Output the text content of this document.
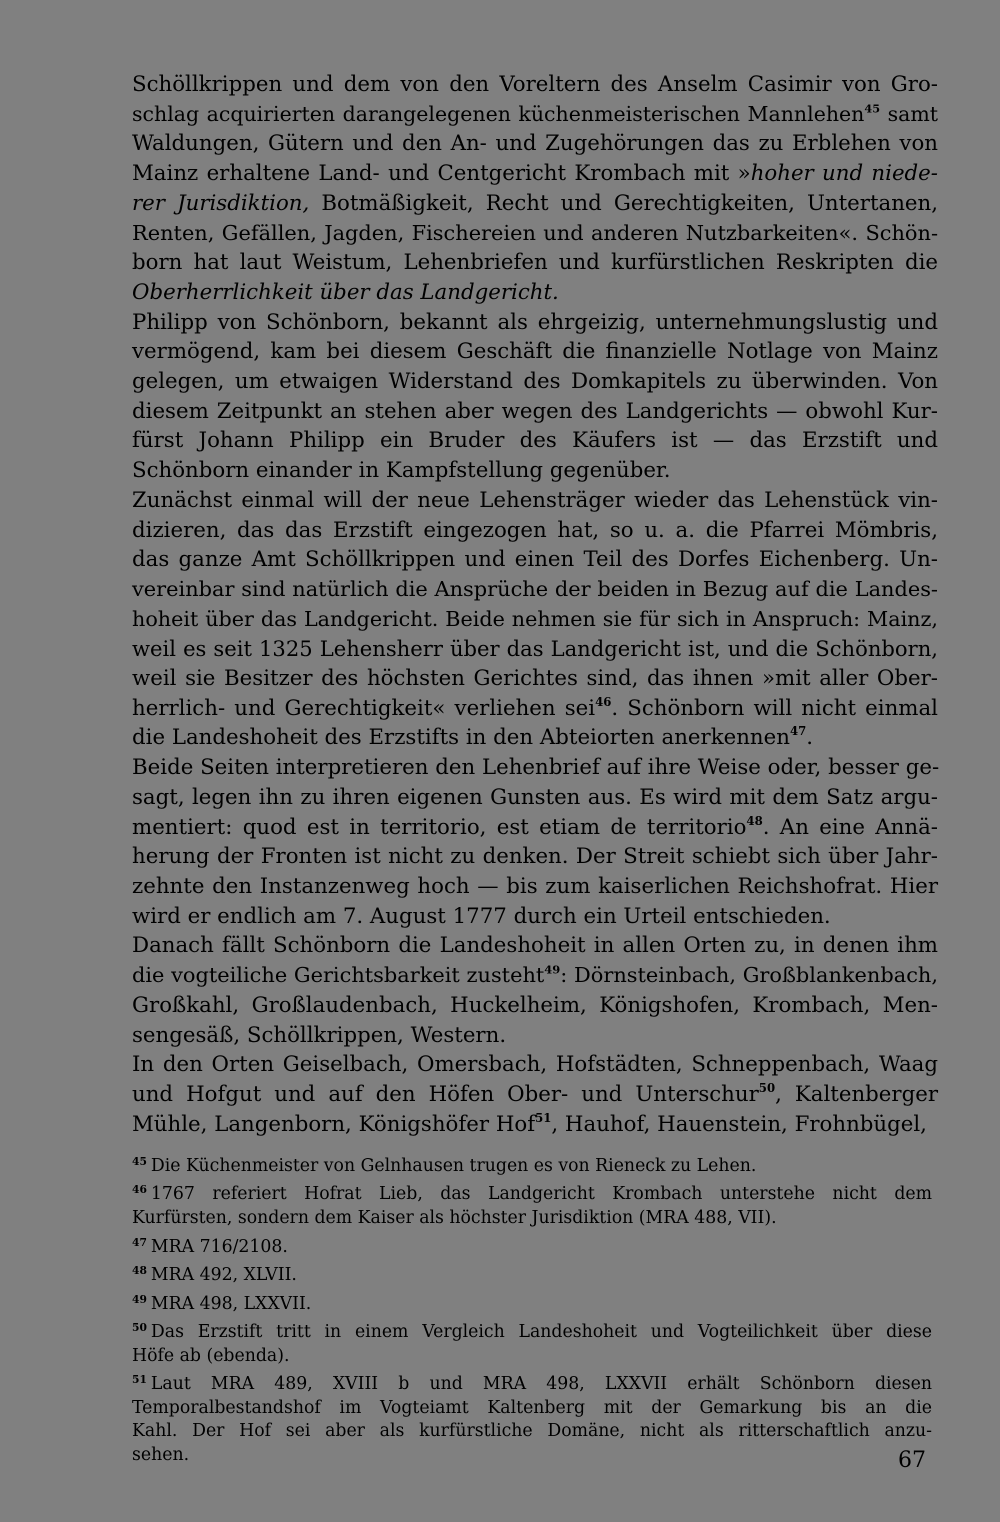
Schöllkrippen und dem von den Voreltern des Anselm Casimir von Gro-
schlag acquirierten darangelegenen küchenmeisterischen Mannlehen$^{45}$ samt
Waldungen, Gütern und den An- und Zugehörungen das zu Erblehen von
Mainz erhaltene Land- und Centgericht Krombach mit »hoher und niede-
rer Jurisdiktion, Botmäßigkeit, Recht und Gerechtigkeiten, Untertanen,
Renten, Gefällen, Jagden, Fischereien und anderen Nutzbarkeiten«. Schön-
born hat laut Weistum, Lehenbriefen und kurfürstlichen Reskripten die
Oberherrlichkeit über das Landgericht.

Philipp von Schönborn, bekannt als ehrgeizig, unternehmungslustig und
vermögend, kam bei diesem Geschäft die finanzielle Notlage von Mainz
gelegen, um etwaigen Widerstand des Domkapitels zu überwinden. Von
diesem Zeitpunkt an stehen aber wegen des Landgerichts — obwohl Kur-
fürst Johann Philipp ein Bruder des Käufers ist — das Erzstift und
Schönborn einander in Kampfstellung gegenüber.

Zunächst einmal will der neue Lehensträger wieder das Lehenstück vin-
dizieren, das das Erzstift eingezogen hat, so u. a. die Pfarrei Mömbris,
das ganze Amt Schöllkrippen und einen Teil des Dorfes Eichenberg. Un-
vereinbar sind natürlich die Ansprüche der beiden in Bezug auf die Landes-
hoheit über das Landgericht. Beide nehmen sie für sich in Anspruch: Mainz,
weil es seit 1325 Lehensherr über das Landgericht ist, und die Schönborn,
weil sie Besitzer des höchsten Gerichtes sind, das ihnen »mit aller Ober-
herrlich- und Gerechtigkeit« verliehen sei$^{46}$. Schönborn will nicht einmal
die Landeshoheit des Erzstifts in den Abteiorten anerkennen$^{47}$.

Beide Seiten interpretieren den Lehenbrief auf ihre Weise oder, besser ge-
sagt, legen ihn zu ihren eigenen Gunsten aus. Es wird mit dem Satz argu-
mentiert: quod est in territorio, est etiam de territorio$^{48}$. An eine Annä-
herung der Fronten ist nicht zu denken. Der Streit schiebt sich über Jahr-
zehnte den Instanzenweg hoch — bis zum kaiserlichen Reichshofrat. Hier
wird er endlich am 7. August 1777 durch ein Urteil entschieden.

Danach fällt Schönborn die Landeshoheit in allen Orten zu, in denen ihm
die vogteiliche Gerichtsbarkeit zusteht$^{49}$: Dörnsteinbach, Großblankenbach,
Großkahl, Großlaudenbach, Huckelheim, Königshofen, Krombach, Men-
sengesäß, Schöllkrippen, Western.

In den Orten Geiselbach, Omersbach, Hofstädten, Schneppenbach, Waag
und Hofgut und auf den Höfen Ober- und Unterschur$^{50}$, Kaltenberger
Mühle, Langenborn, Königshöfer Hof$^{51}$, Hauhof, Hauenstein, Frohnbügel,

$^{45}$ Die Küchenmeister von Gelnhausen trugen es von Rieneck zu Lehen.
$^{46}$ 1767 referiert Hofrat Lieb, das Landgericht Krombach unterstehe nicht dem
Kurfürsten, sondern dem Kaiser als höchster Jurisdiktion (MRA 488, VII).
$^{47}$ MRA 716/2108.
$^{48}$ MRA 492, XLVII.
$^{49}$ MRA 498, LXXVII.
$^{50}$ Das Erzstift tritt in einem Vergleich Landeshoheit und Vogteilichkeit über diese
Höfe ab (ebenda).
$^{51}$ Laut MRA 489, XVIII b und MRA 498, LXXVII erhält Schönborn diesen
Temporalbestandshof im Vogteiamt Kaltenberg mit der Gemarkung bis an die
Kahl. Der Hof sei aber als kurfürstliche Domäne, nicht als ritterschaftlich anzu-
sehen.	67
